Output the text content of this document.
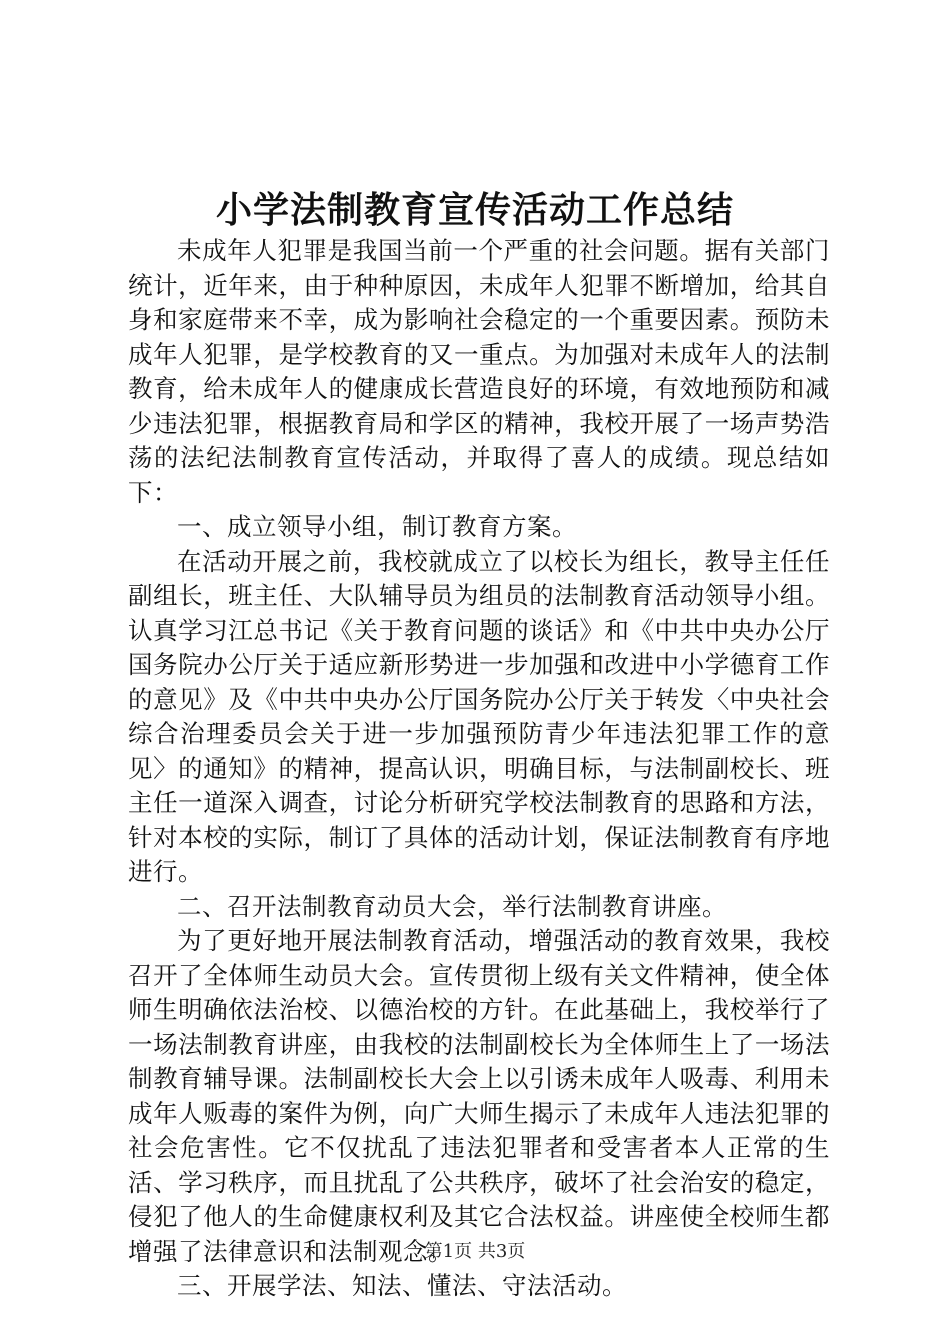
小学法制教育宣传活动工作总结

未成年人犯罪是我国当前一个严重的社会问题。据有关部门统计，近年来，由于种种原因，未成年人犯罪不断增加，给其自身和家庭带来不幸，成为影响社会稳定的一个重要因素。预防未成年人犯罪，是学校教育的又一重点。为加强对未成年人的法制教育，给未成年人的健康成长营造良好的环境，有效地预防和减少违法犯罪，根据教育局和学区的精神，我校开展了一场声势浩荡的法纪法制教育宣传活动，并取得了喜人的成绩。现总结如下：

一、成立领导小组，制订教育方案。

在活动开展之前，我校就成立了以校长为组长，教导主任任副组长，班主任、大队辅导员为组员的法制教育活动领导小组。认真学习江总书记《关于教育问题的谈话》和《中共中央办公厅国务院办公厅关于适应新形势进一步加强和改进中小学德育工作的意见》及《中共中央办公厅国务院办公厅关于转发〈中央社会综合治理委员会关于进一步加强预防青少年违法犯罪工作的意见〉的通知》的精神，提高认识，明确目标，与法制副校长、班主任一道深入调查，讨论分析研究学校法制教育的思路和方法，针对本校的实际，制订了具体的活动计划，保证法制教育有序地进行。

二、召开法制教育动员大会，举行法制教育讲座。

为了更好地开展法制教育活动，增强活动的教育效果，我校召开了全体师生动员大会。宣传贯彻上级有关文件精神，使全体师生明确依法治校、以德治校的方针。在此基础上，我校举行了一场法制教育讲座，由我校的法制副校长为全体师生上了一场法制教育辅导课。法制副校长大会上以引诱未成年人吸毒、利用未成年人贩毒的案件为例，向广大师生揭示了未成年人违法犯罪的社会危害性。它不仅扰乱了违法犯罪者和受害者本人正常的生活、学习秩序，而且扰乱了公共秩序，破坏了社会治安的稳定，侵犯了他人的生命健康权利及其它合法权益。讲座使全校师生都增强了法律意识和法制观念。

三、开展学法、知法、懂法、守法活动。

第1页 共3页
